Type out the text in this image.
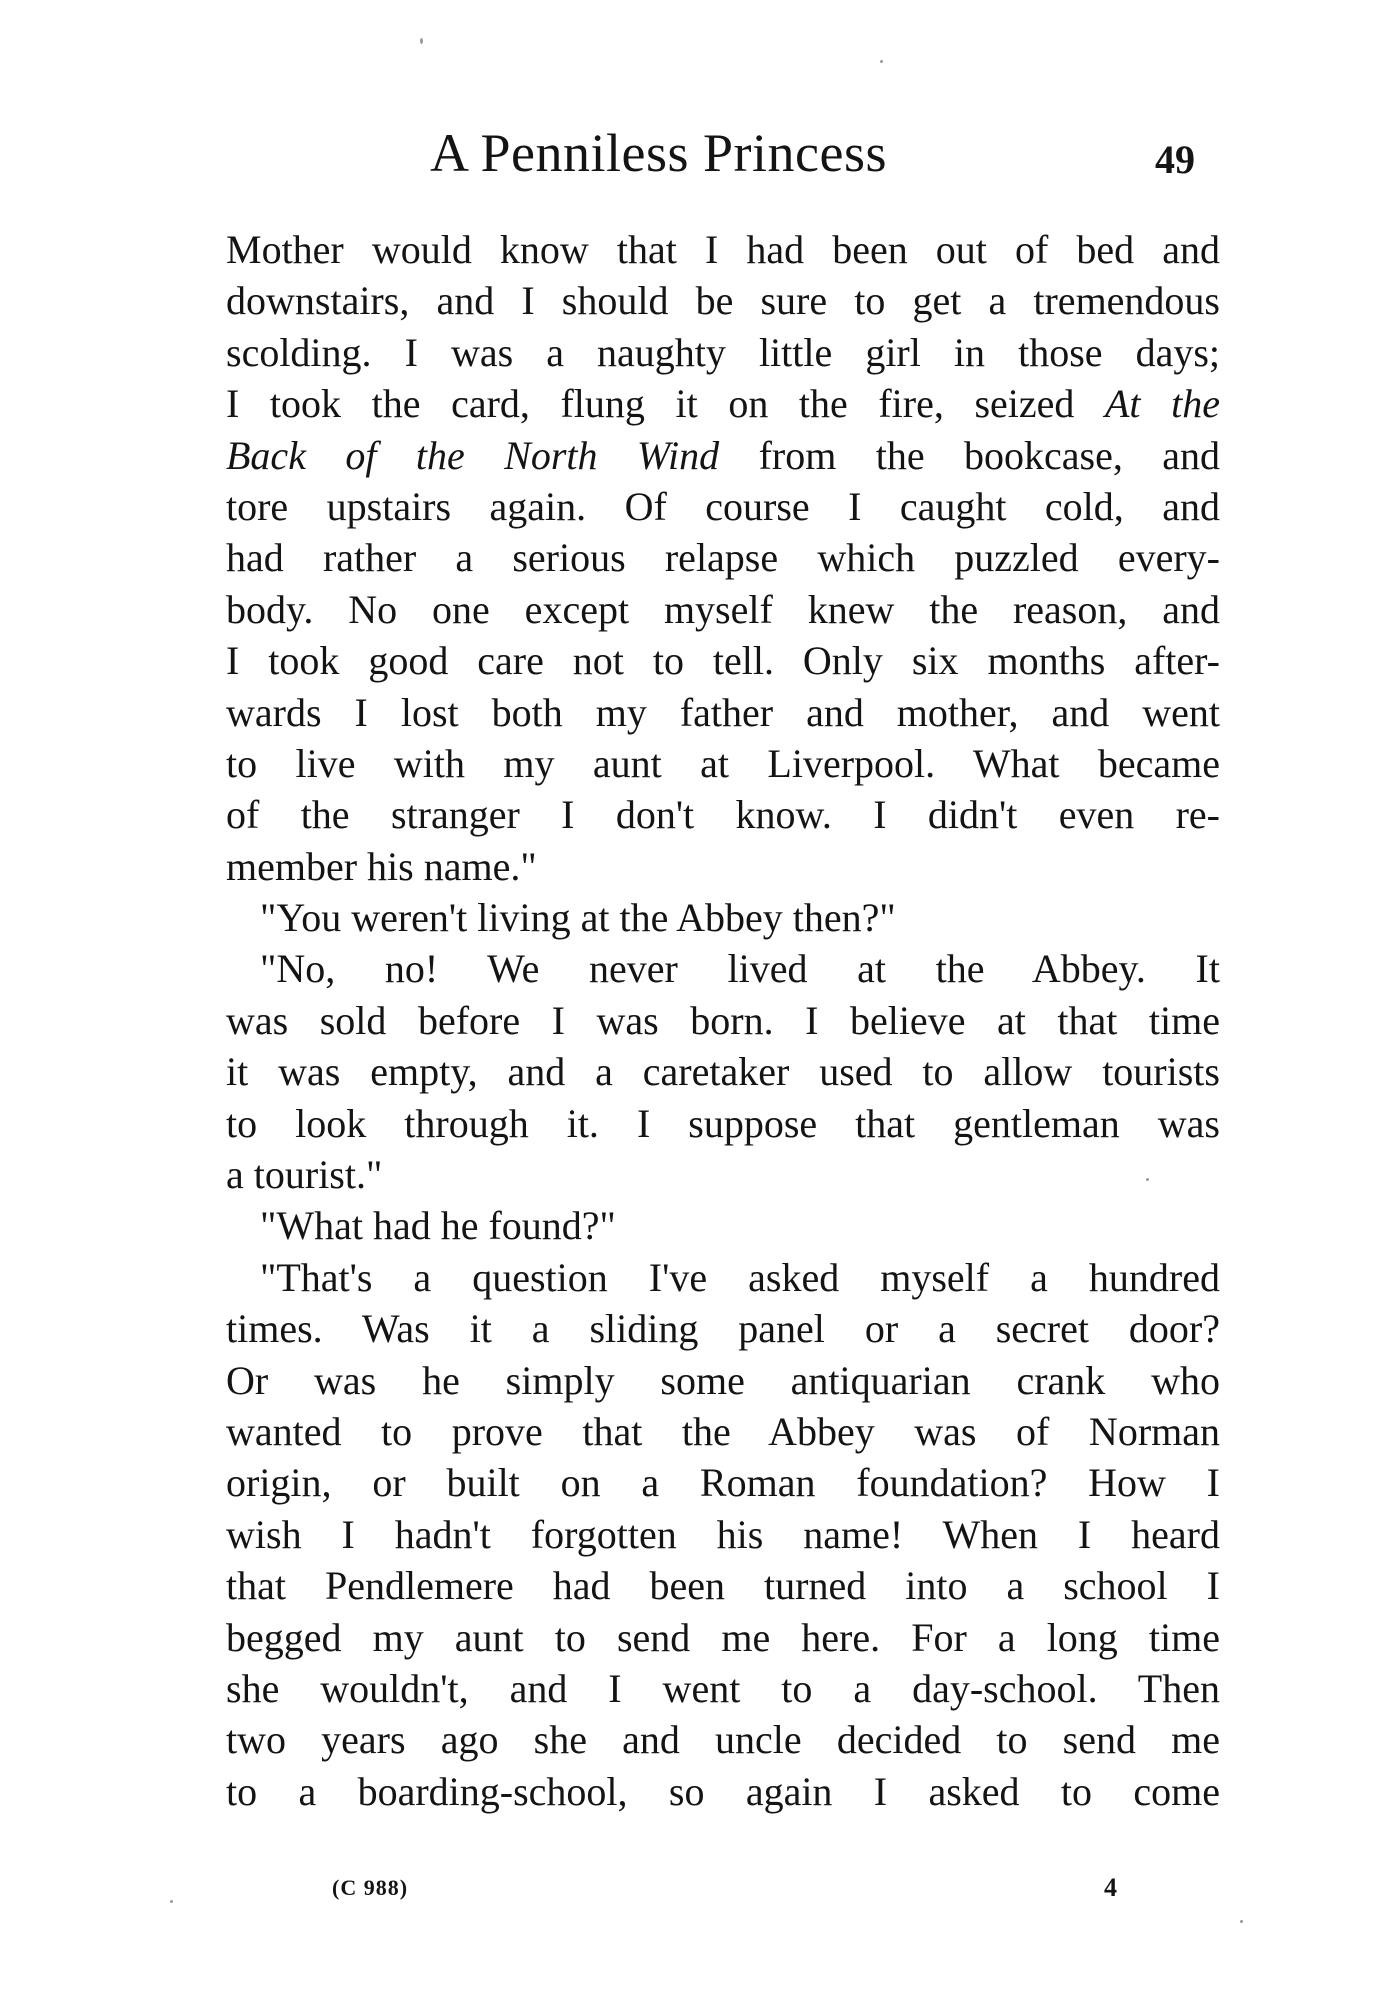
A Penniless Princess	49
Mother would know that I had been out of bed and
downstairs, and I should be sure to get a tremendous
scolding. I was a naughty little girl in those days;
I took the card, flung it on the fire, seized At the
Back of the North Wind from the bookcase, and
tore upstairs again. Of course I caught cold, and
had rather a serious relapse which puzzled every-
body. No one except myself knew the reason, and
I took good care not to tell. Only six months after-
wards I lost both my father and mother, and went
to live with my aunt at Liverpool. What became
of the stranger I don't know. I didn't even re-
member his name."
"You weren't living at the Abbey then?"
"No, no! We never lived at the Abbey. It
was sold before I was born. I believe at that time
it was empty, and a caretaker used to allow tourists
to look through it. I suppose that gentleman was
a tourist."
"What had he found?"
"That's a question I've asked myself a hundred
times. Was it a sliding panel or a secret door?
Or was he simply some antiquarian crank who
wanted to prove that the Abbey was of Norman
origin, or built on a Roman foundation? How I
wish I hadn't forgotten his name! When I heard
that Pendlemere had been turned into a school I
begged my aunt to send me here. For a long time
she wouldn't, and I went to a day-school. Then
two years ago she and uncle decided to send me
to a boarding-school, so again I asked to come
(C 988)	4
